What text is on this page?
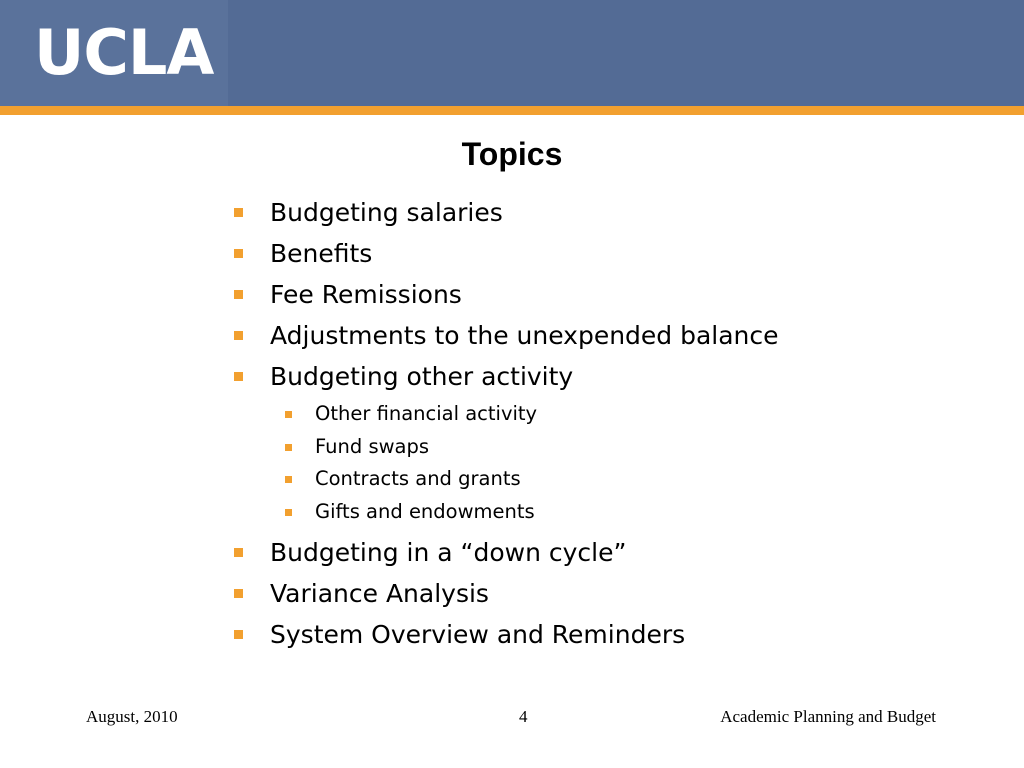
UCLA
Topics
Budgeting salaries
Benefits
Fee Remissions
Adjustments to the unexpended balance
Budgeting other activity
Other financial activity
Fund swaps
Contracts and grants
Gifts and endowments
Budgeting in a “down cycle”
Variance Analysis
System Overview and Reminders
August, 2010	4	Academic Planning and Budget
